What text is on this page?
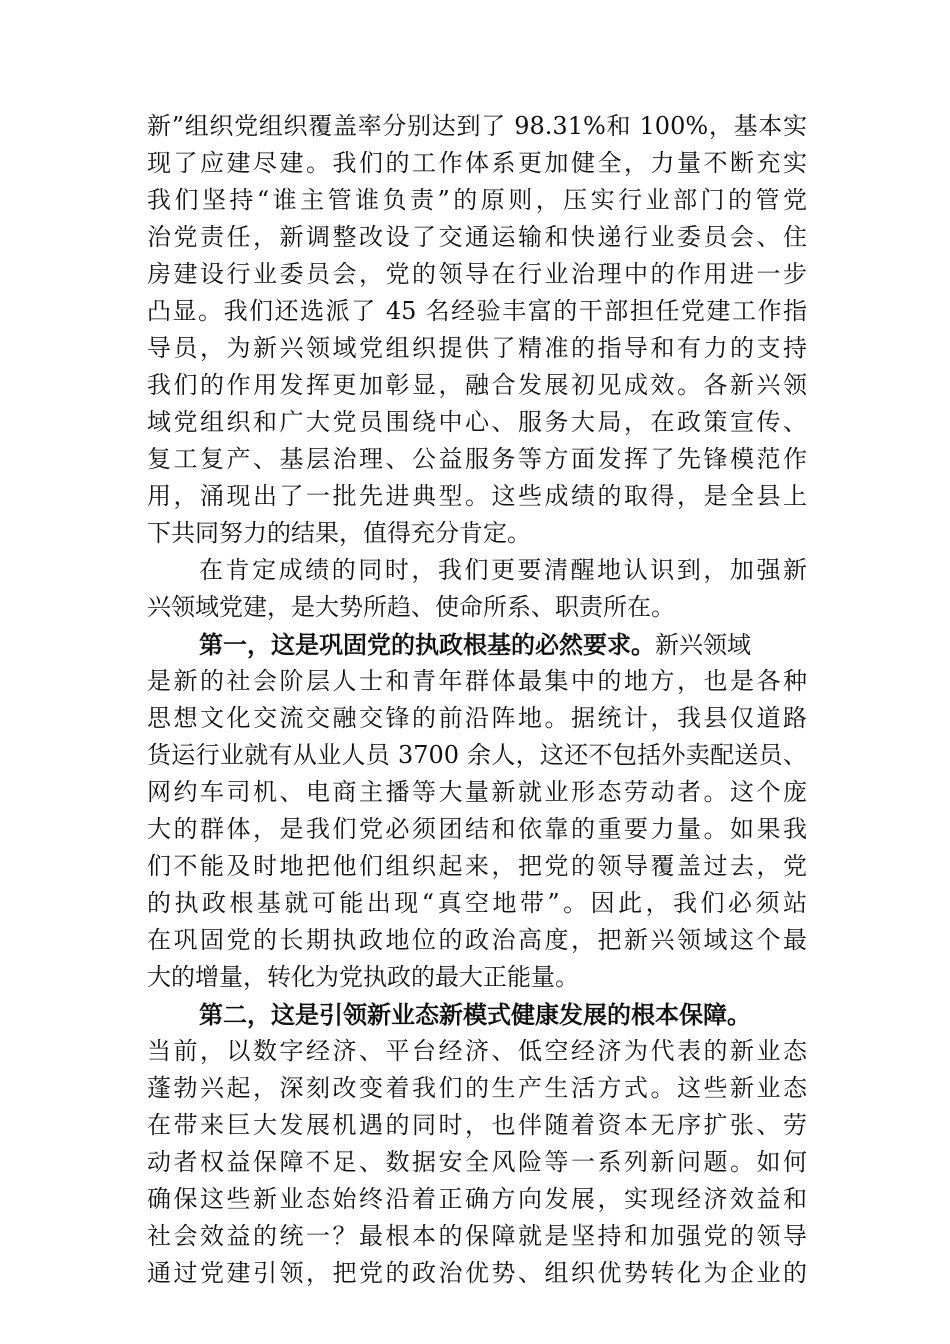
新”组织党组织覆盖率分别达到了 98.31%和 100%，基本实

现了应建尽建。我们的工作体系更加健全，力量不断充实

我们坚持“谁主管谁负责”的原则，压实行业部门的管党

治党责任，新调整改设了交通运输和快递行业委员会、住

房建设行业委员会，党的领导在行业治理中的作用进一步

凸显。我们还选派了 45 名经验丰富的干部担任党建工作指

导员，为新兴领域党组织提供了精准的指导和有力的支持

我们的作用发挥更加彰显，融合发展初见成效。各新兴领

域党组织和广大党员围绕中心、服务大局，在政策宣传、

复工复产、基层治理、公益服务等方面发挥了先锋模范作

用，涌现出了一批先进典型。这些成绩的取得，是全县上

下共同努力的结果，值得充分肯定。

在肯定成绩的同时，我们更要清醒地认识到，加强新

兴领域党建，是大势所趋、使命所系、职责所在。

第一，这是巩固党的执政根基的必然要求。新兴领域

是新的社会阶层人士和青年群体最集中的地方，也是各种

思想文化交流交融交锋的前沿阵地。据统计，我县仅道路

货运行业就有从业人员 3700 余人，这还不包括外卖配送员、

网约车司机、电商主播等大量新就业形态劳动者。这个庞

大的群体，是我们党必须团结和依靠的重要力量。如果我

们不能及时地把他们组织起来，把党的领导覆盖过去，党

的执政根基就可能出现“真空地带”。因此，我们必须站

在巩固党的长期执政地位的政治高度，把新兴领域这个最

大的增量，转化为党执政的最大正能量。

第二，这是引领新业态新模式健康发展的根本保障。

当前，以数字经济、平台经济、低空经济为代表的新业态

蓬勃兴起，深刻改变着我们的生产生活方式。这些新业态

在带来巨大发展机遇的同时，也伴随着资本无序扩张、劳

动者权益保障不足、数据安全风险等一系列新问题。如何

确保这些新业态始终沿着正确方向发展，实现经济效益和

社会效益的统一？最根本的保障就是坚持和加强党的领导

通过党建引领，把党的政治优势、组织优势转化为企业的
